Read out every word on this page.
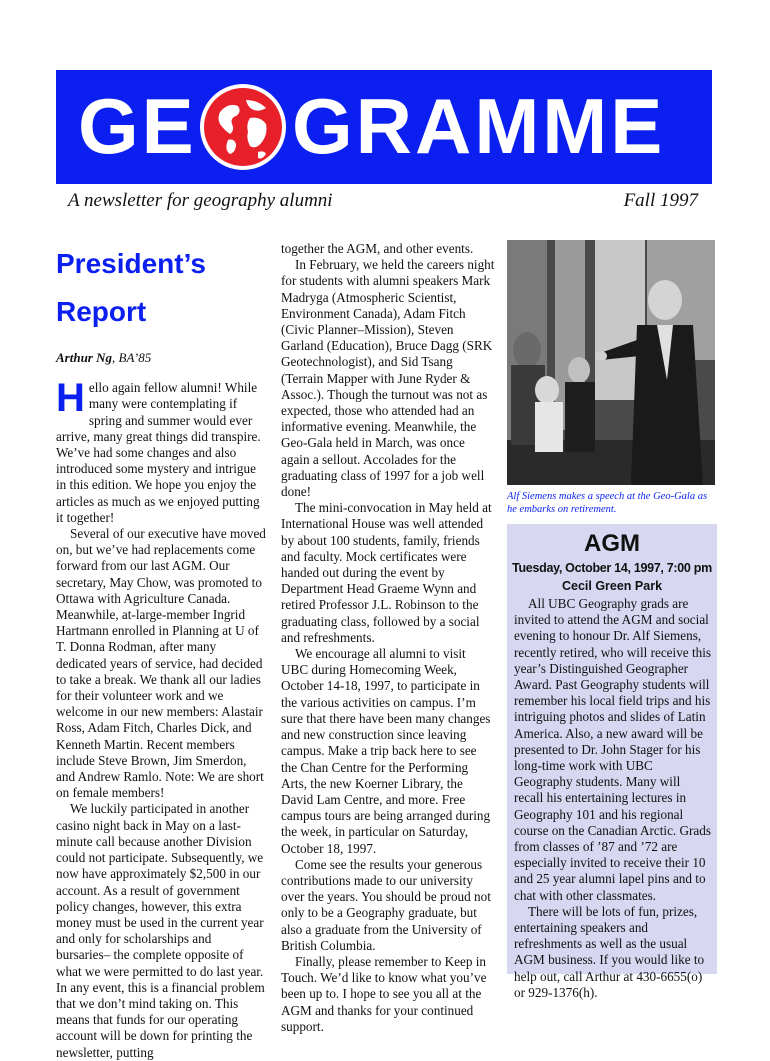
GE GRAMME
A newsletter for geography alumni	Fall 1997
President’s
Report
Arthur Ng, BA’85

Hello again fellow alumni! While many were contemplating if spring and summer would ever arrive, many great things did transpire. We’ve had some changes and also introduced some mystery and intrigue in this edition. We hope you enjoy the articles as much as we enjoyed putting it together!

Several of our executive have moved on, but we’ve had replacements come forward from our last AGM. Our secretary, May Chow, was promoted to Ottawa with Agriculture Canada. Meanwhile, at-large-member Ingrid Hartmann enrolled in Planning at U of T. Donna Rodman, after many dedicated years of service, had decided to take a break. We thank all our ladies for their volunteer work and we welcome in our new members: Alastair Ross, Adam Fitch, Charles Dick, and Kenneth Martin. Recent members include Steve Brown, Jim Smerdon, and Andrew Ramlo. Note: We are short on female members!

We luckily participated in another casino night back in May on a last-minute call because another Division could not participate. Subsequently, we now have approximately $2,500 in our account. As a result of government policy changes, however, this extra money must be used in the current year and only for scholarships and bursaries– the complete opposite of what we were permitted to do last year. In any event, this is a financial problem that we don’t mind taking on. This means that funds for our operating account will be down for printing the newsletter, putting

together the AGM, and other events.

In February, we held the careers night for students with alumni speakers Mark Madryga (Atmospheric Scientist, Environment Canada), Adam Fitch (Civic Planner–Mission), Steven Garland (Education), Bruce Dagg (SRK Geotechnologist), and Sid Tsang (Terrain Mapper with June Ryder & Assoc.). Though the turnout was not as expected, those who attended had an informative evening. Meanwhile, the Geo-Gala held in March, was once again a sellout. Accolades for the graduating class of 1997 for a job well done!

The mini-convocation in May held at International House was well attended by about 100 students, family, friends and faculty. Mock certificates were handed out during the event by Department Head Graeme Wynn and retired Professor J.L. Robinson to the graduating class, followed by a social and refreshments.

We encourage all alumni to visit UBC during Homecoming Week, October 14-18, 1997, to participate in the various activities on campus. I’m sure that there have been many changes and new construction since leaving campus. Make a trip back here to see the Chan Centre for the Performing Arts, the new Koerner Library, the David Lam Centre, and more. Free campus tours are being arranged during the week, in particular on Saturday, October 18, 1997.

Come see the results your generous contributions made to our university over the years. You should be proud not only to be a Geography graduate, but also a graduate from the University of British Columbia.

Finally, please remember to Keep in Touch. We’d like to know what you’ve been up to. I hope to see you all at the AGM and thanks for your continued support.

Alf Siemens makes a speech at the Geo-Gala as he embarks on retirement.
AGM
Tuesday, October 14, 1997, 7:00 pm
Cecil Green Park

All UBC Geography grads are invited to attend the AGM and social evening to honour Dr. Alf Siemens, recently retired, who will receive this year’s Distinguished Geographer Award. Past Geography students will remember his local field trips and his intriguing photos and slides of Latin America. Also, a new award will be presented to Dr. John Stager for his long-time work with UBC Geography students. Many will recall his entertaining lectures in Geography 101 and his regional course on the Canadian Arctic. Grads from classes of ’87 and ’72 are especially invited to receive their 10 and 25 year alumni lapel pins and to chat with other classmates.

There will be lots of fun, prizes, entertaining speakers and refreshments as well as the usual AGM business. If you would like to help out, call Arthur at 430-6655(o) or 929-1376(h).
